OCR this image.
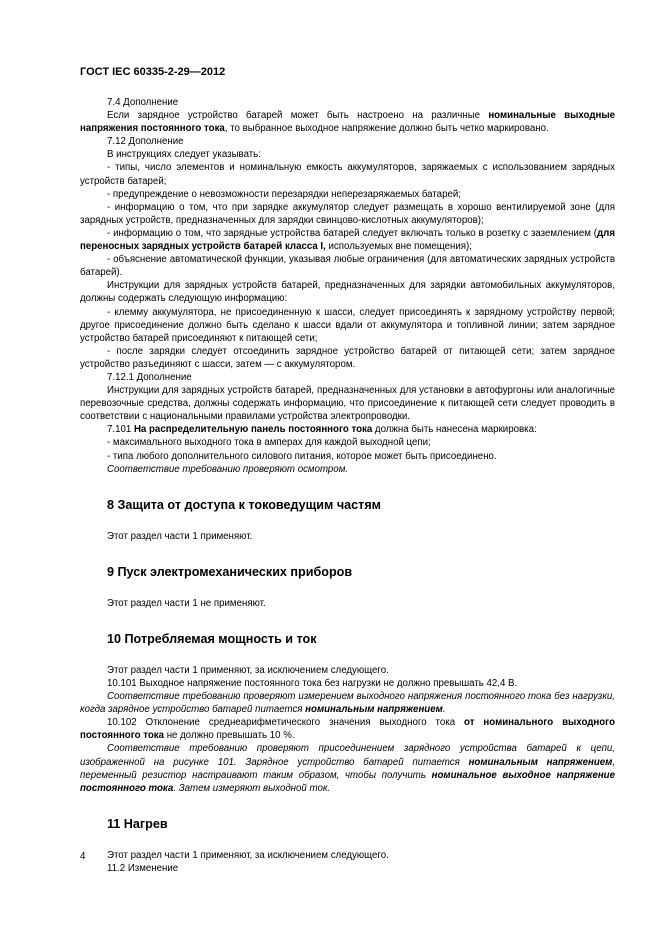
ГОСТ IEC 60335-2-29—2012

7.4 Дополнение

Если зарядное устройство батарей может быть настроено на различные номинальные выходные напряжения постоянного тока, то выбранное выходное напряжение должно быть четко маркировано.

7.12 Дополнение

В инструкциях следует указывать:

- типы, число элементов и номинальную емкость аккумуляторов, заряжаемых с использованием зарядных устройств батарей;

- предупреждение о невозможности перезарядки неперезаряжаемых батарей;

- информацию о том, что при зарядке аккумулятор следует размещать в хорошо вентилируемой зоне (для зарядных устройств, предназначенных для зарядки свинцово-кислотных аккумуляторов);

- информацию о том, что зарядные устройства батарей следует включать только в розетку с заземлением (для переносных зарядных устройств батарей класса I, используемых вне помещения);

- объяснение автоматической функции, указывая любые ограничения (для автоматических зарядных устройств батарей).

Инструкции для зарядных устройств батарей, предназначенных для зарядки автомобильных аккумуляторов, должны содержать следующую информацию:

- клемму аккумулятора, не присоединенную к шасси, следует присоединять к зарядному устройству первой; другое присоединение должно быть сделано к шасси вдали от аккумулятора и топливной линии; затем зарядное устройство батарей присоединяют к питающей сети;

- после зарядки следует отсоединить зарядное устройство батарей от питающей сети; затем зарядное устройство разъединяют с шасси, затем — с аккумулятором.

7.12.1 Дополнение

Инструкции для зарядных устройств батарей, предназначенных для установки в автофургоны или аналогичные перевозочные средства, должны содержать информацию, что присоединение к питающей сети следует проводить в соответствии с национальными правилами устройства электропроводки.

7.101 На распределительную панель постоянного тока должна быть нанесена маркировка:

- максимального выходного тока в амперах для каждой выходной цепи;

- типа любого дополнительного силового питания, которое может быть присоединено.

Соответствие требованию проверяют осмотром.

8 Защита от доступа к токоведущим частям

Этот раздел части 1 применяют.

9 Пуск электромеханических приборов

Этот раздел части 1 не применяют.

10 Потребляемая мощность и ток

Этот раздел части 1 применяют, за исключением следующего.

10.101 Выходное напряжение постоянного тока без нагрузки не должно превышать 42,4 В.

Соответствие требованию проверяют измерением выходного напряжения постоянного тока без нагрузки, когда зарядное устройство батарей питается номинальным напряжением.

10.102 Отклонение среднеарифметического значения выходного тока от номинального выходного постоянного тока не должно превышать 10 %.

Соответствие требованию проверяют присоединением зарядного устройства батарей к цепи, изображенной на рисунке 101. Зарядное устройство батарей питается номинальным напряжением, переменный резистор настраивают таким образом, чтобы получить номинальное выходное напряжение постоянного тока. Затем измеряют выходной ток.

11 Нагрев

Этот раздел части 1 применяют, за исключением следующего.

11.2 Изменение

4
